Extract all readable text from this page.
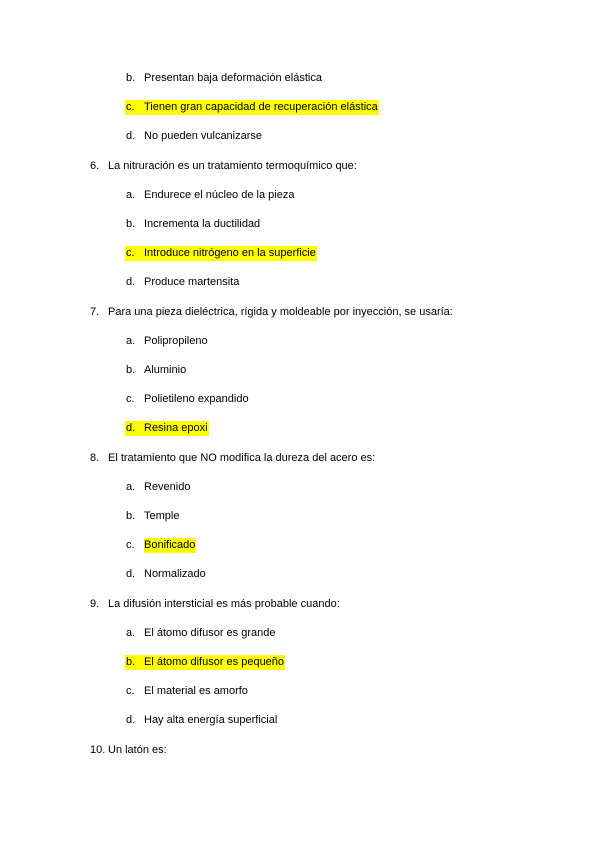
b. Presentan baja deformación elástica
c. Tienen gran capacidad de recuperación elástica
d. No pueden vulcanizarse
6. La nitruración es un tratamiento termoquímico que:
a. Endurece el núcleo de la pieza
b. Incrementa la ductilidad
c. Introduce nitrógeno en la superficie
d. Produce martensita
7. Para una pieza dieléctrica, rígida y moldeable por inyección, se usaría:
a. Polipropileno
b. Aluminio
c. Polietileno expandido
d. Resina epoxi
8. El tratamiento que NO modifica la dureza del acero es:
a. Revenido
b. Temple
c. Bonificado
d. Normalizado
9. La difusión intersticial es más probable cuando:
a. El átomo difusor es grande
b. El átomo difusor es pequeño
c. El material es amorfo
d. Hay alta energía superficial
10. Un latón es:
